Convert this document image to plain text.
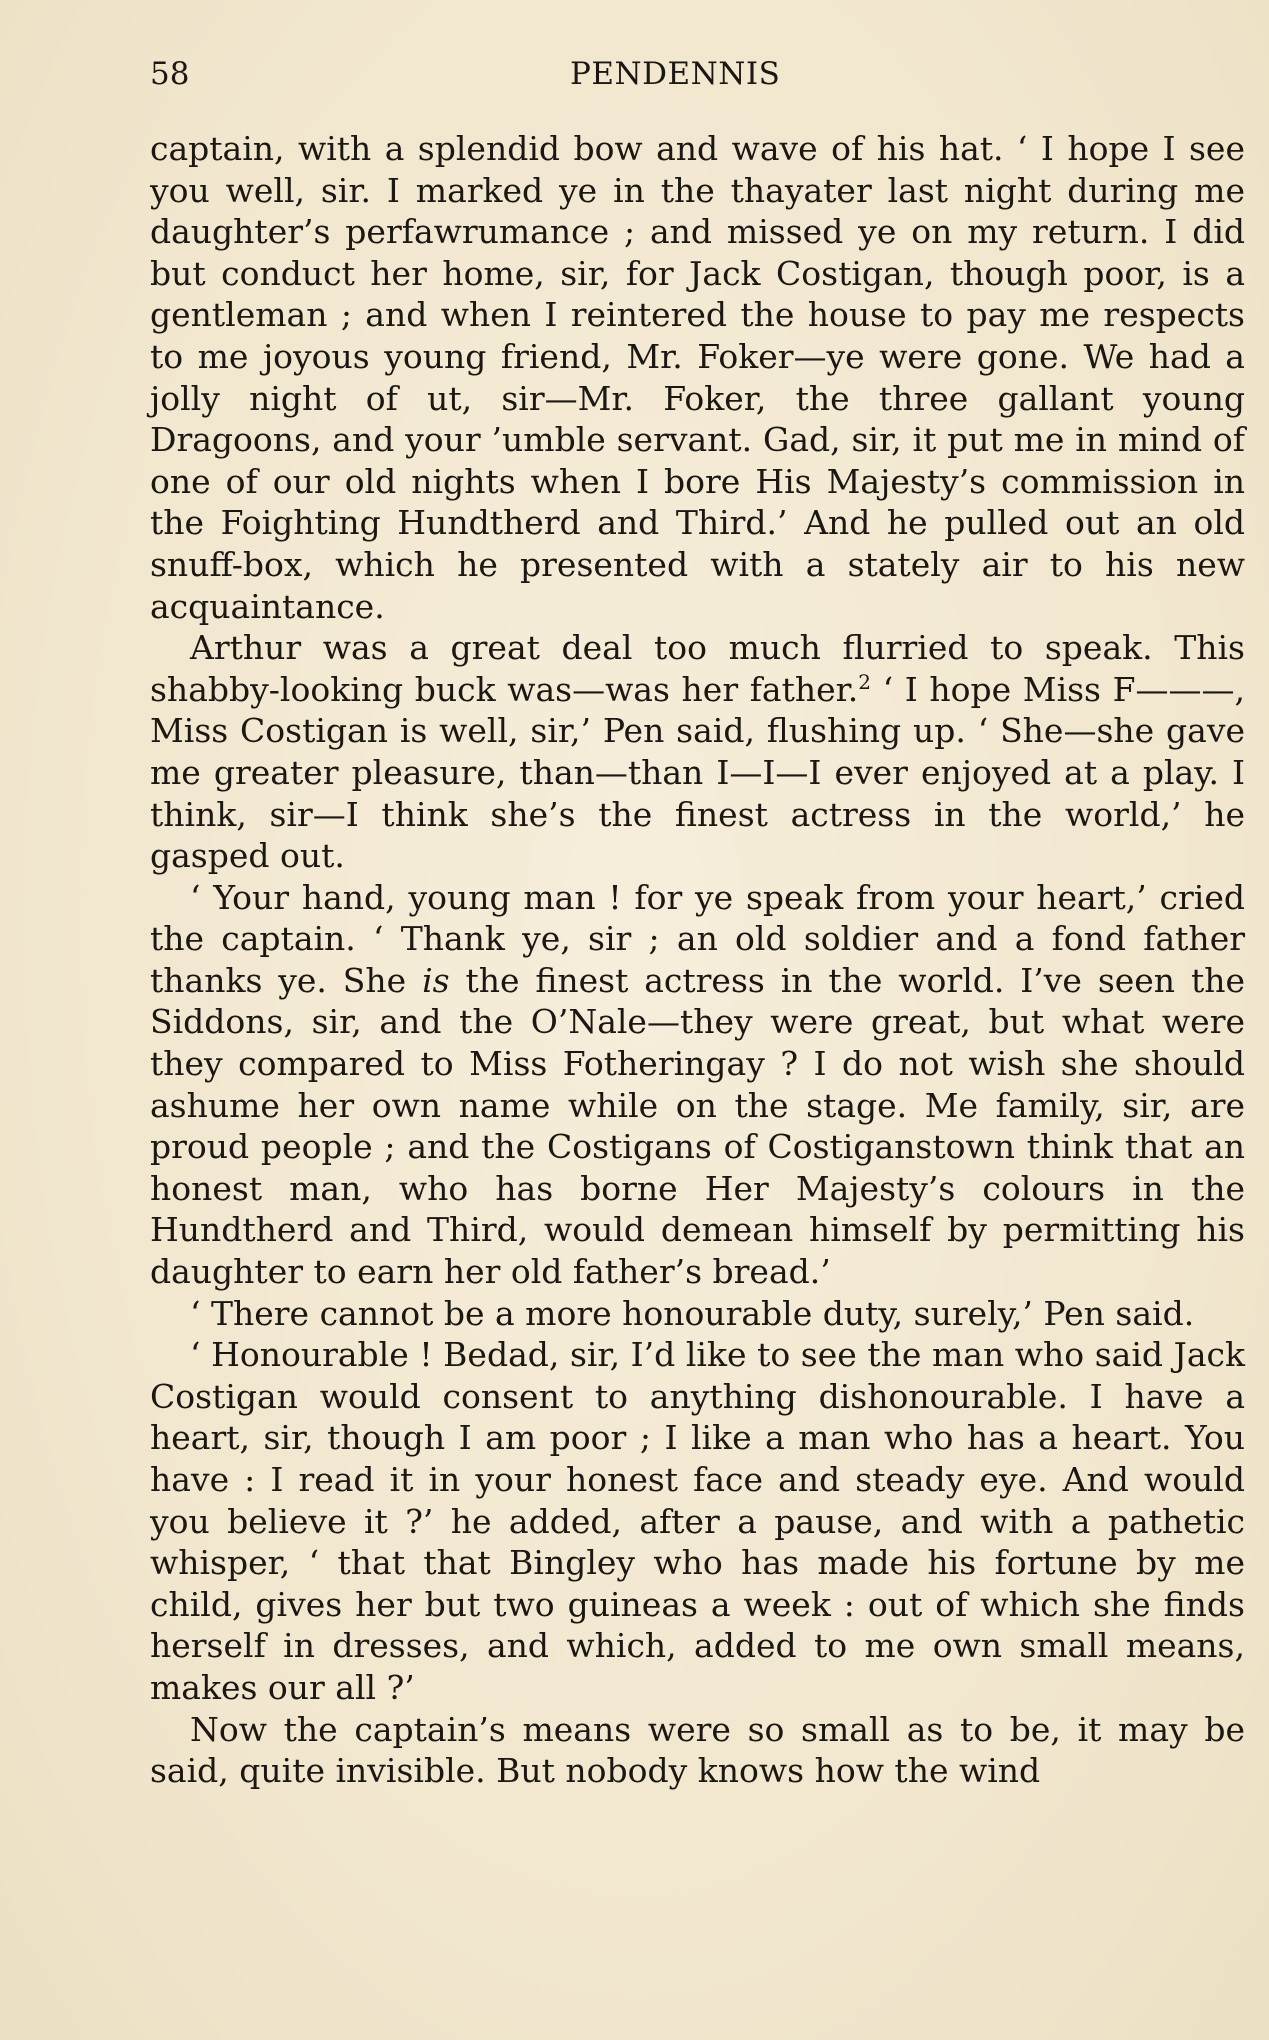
58	PENDENNIS

captain, with a splendid bow and wave of his hat. ‘ I hope I see you well, sir. I marked ye in the thayater last night during me daughter’s perfawrumance ; and missed ye on my return. I did but conduct her home, sir, for Jack Costigan, though poor, is a gentleman ; and when I reintered the house to pay me respects to me joyous young friend, Mr. Foker—ye were gone. We had a jolly night of ut, sir—Mr. Foker, the three gallant young Dragoons, and your ’umble servant. Gad, sir, it put me in mind of one of our old nights when I bore His Majesty’s commission in the Foighting Hundtherd and Third.’ And he pulled out an old snuff-box, which he presented with a stately air to his new acquaintance.

Arthur was a great deal too much flurried to speak. This shabby-looking buck was—was her father.$^2$ ‘ I hope Miss F———, Miss Costigan is well, sir,’ Pen said, flushing up. ‘ She—she gave me greater pleasure, than—than I—I—I ever enjoyed at a play. I think, sir—I think she’s the finest actress in the world,’ he gasped out.

‘ Your hand, young man ! for ye speak from your heart,’ cried the captain. ‘ Thank ye, sir ; an old soldier and a fond father thanks ye. She is the finest actress in the world. I’ve seen the Siddons, sir, and the O’Nale—they were great, but what were they compared to Miss Fotheringay ? I do not wish she should ashume her own name while on the stage. Me family, sir, are proud people ; and the Costigans of Costiganstown think that an honest man, who has borne Her Majesty’s colours in the Hundtherd and Third, would demean himself by permitting his daughter to earn her old father’s bread.’

‘ There cannot be a more honourable duty, surely,’ Pen said.

‘ Honourable ! Bedad, sir, I’d like to see the man who said Jack Costigan would consent to anything dishonourable. I have a heart, sir, though I am poor ; I like a man who has a heart. You have : I read it in your honest face and steady eye. And would you believe it ?’ he added, after a pause, and with a pathetic whisper, ‘ that that Bingley who has made his fortune by me child, gives her but two guineas a week : out of which she finds herself in dresses, and which, added to me own small means, makes our all ?’

Now the captain’s means were so small as to be, it may be said, quite invisible. But nobody knows how the wind
